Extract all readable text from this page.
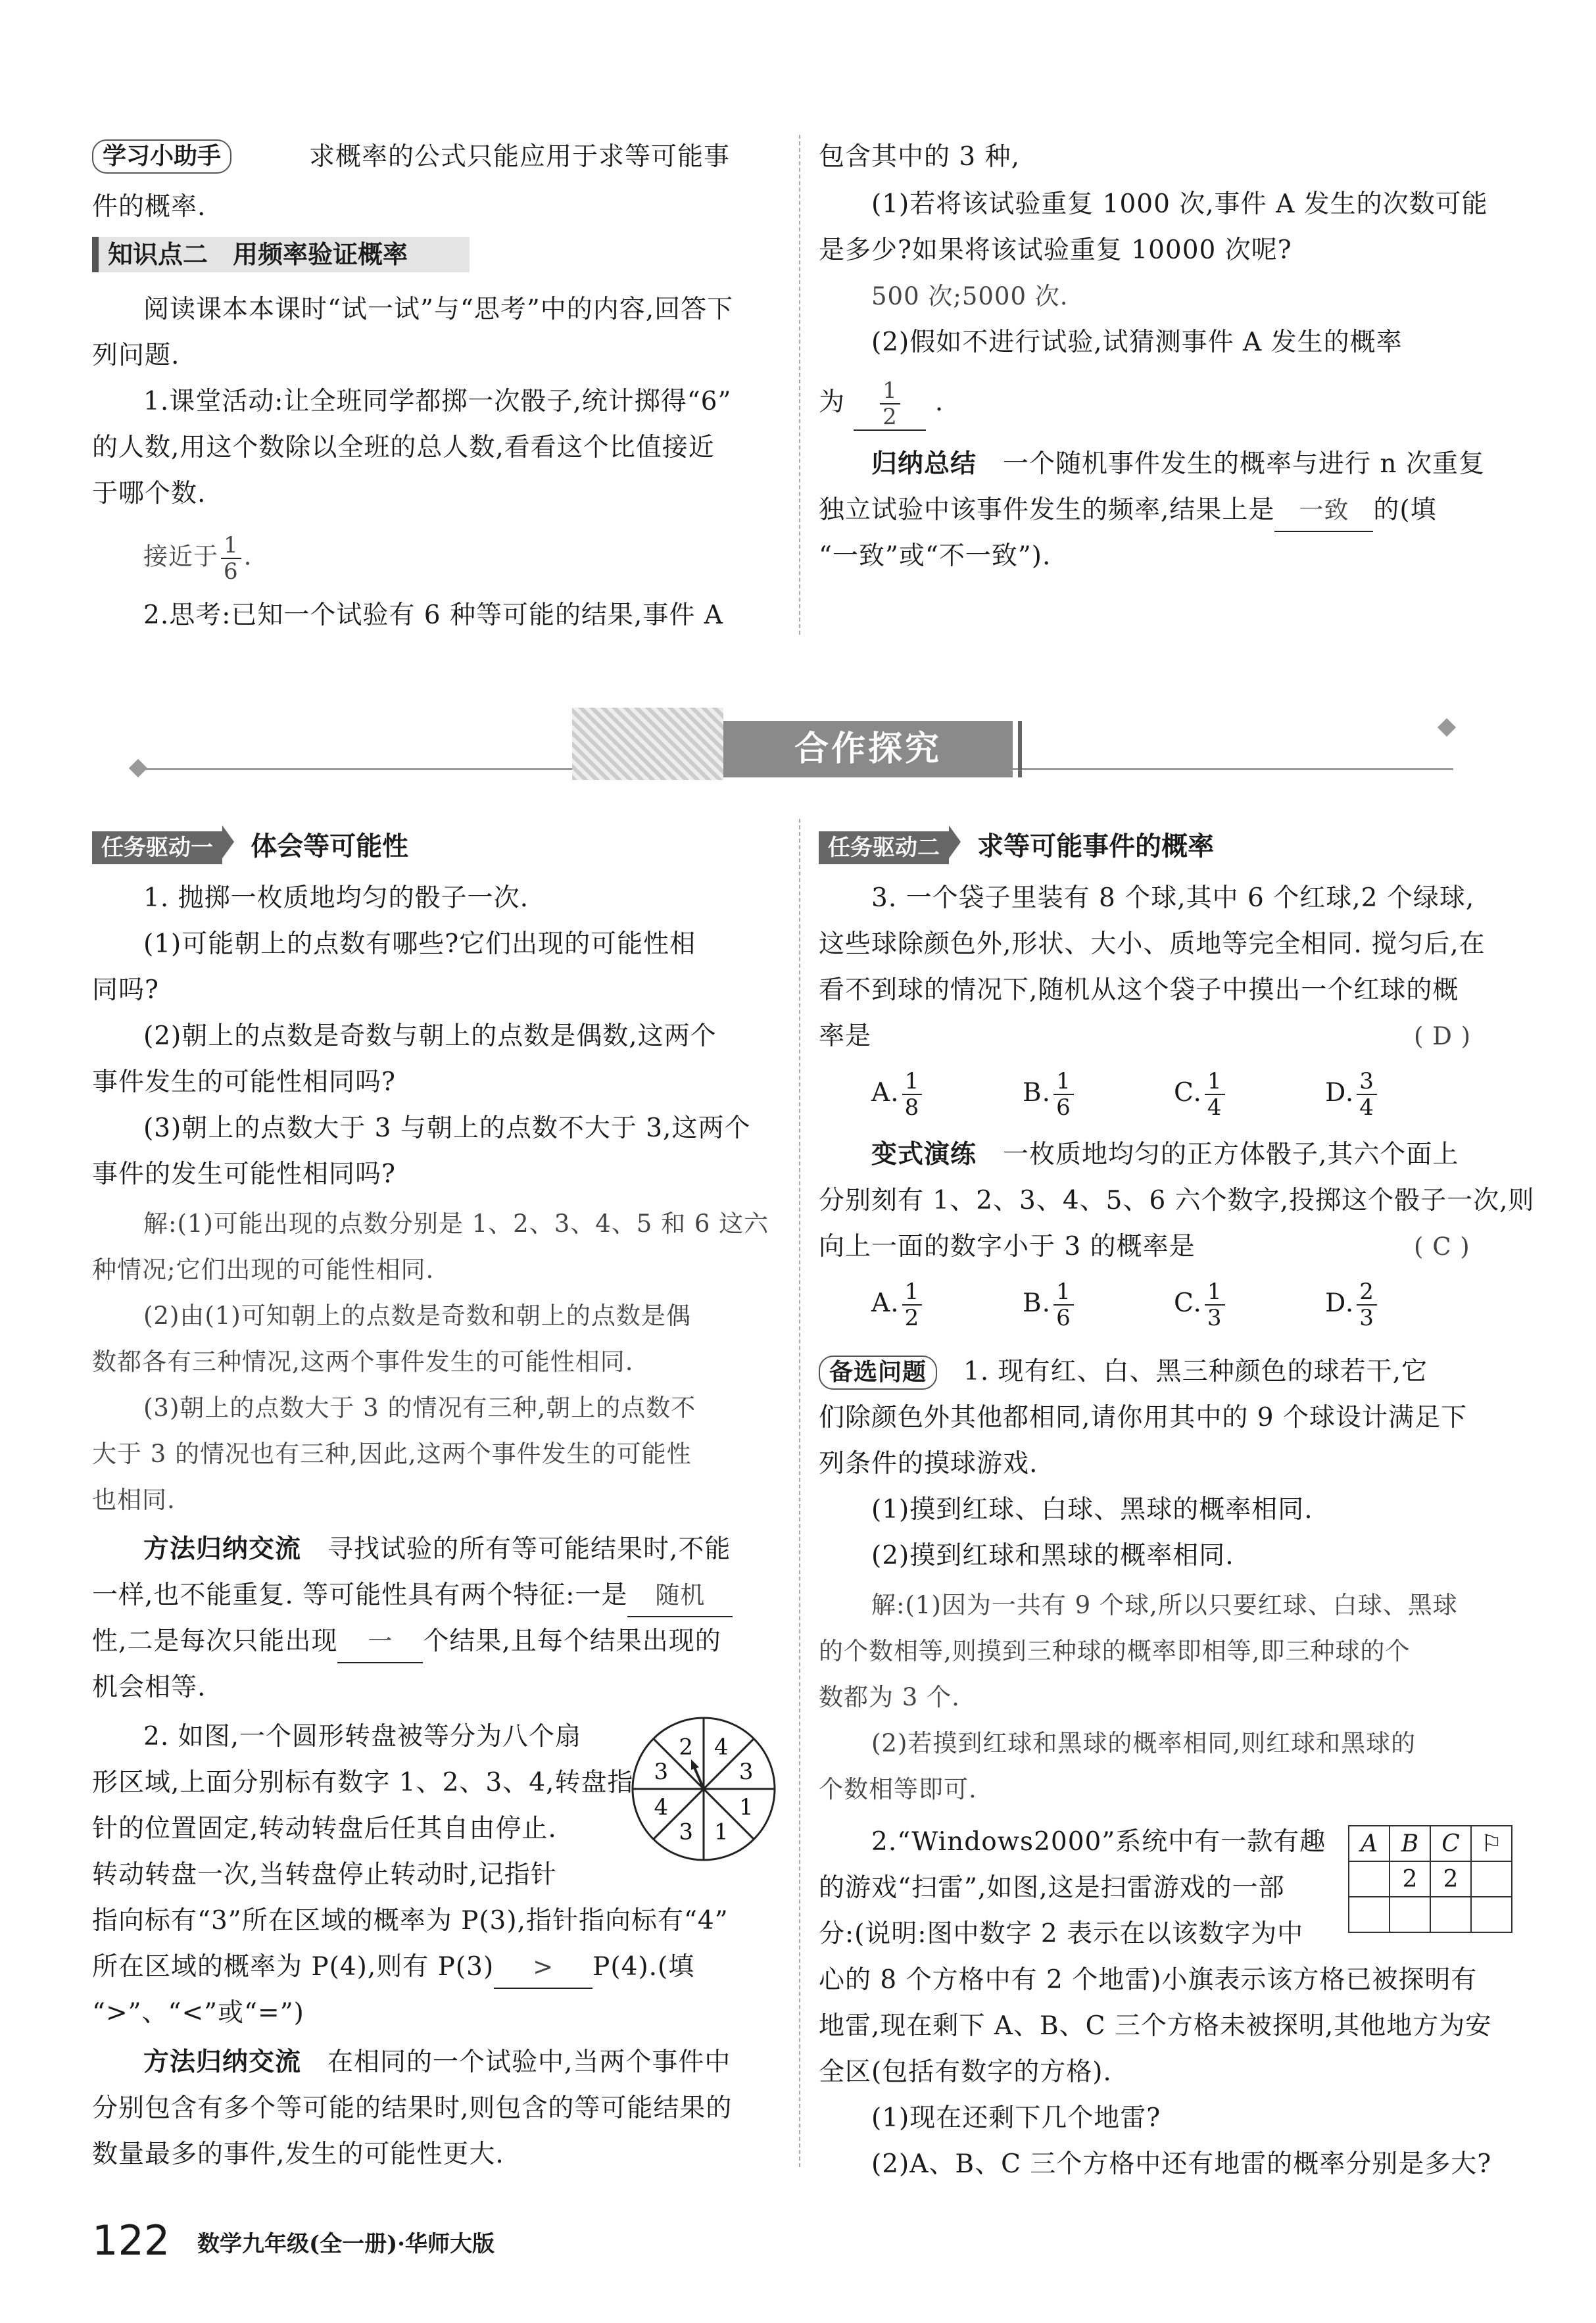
学习小助手	求概率的公式只能应用于求等可能事
件的概率.
知识点二　用频率验证概率
阅读课本本课时“试一试”与“思考”中的内容,回答下
列问题.
1.课堂活动:让全班同学都掷一次骰子,统计掷得“6”
的人数,用这个数除以全班的总人数,看看这个比值接近
于哪个数.
接近于 $\frac{1}{6}$ .
2.思考:已知一个试验有 6 种等可能的结果,事件 A
包含其中的 3 种,
(1)若将该试验重复 1000 次,事件 A 发生的次数可能
是多少?如果将该试验重复 10000 次呢?
500 次;5000 次.
(2)假如不进行试验,试猜测事件 A 发生的概率
为 $\frac{1}{2}$ .
归纳总结　 一个随机事件发生的概率与进行 n 次重复
独立试验中该事件发生的频率,结果上是 一致 的(填
“一致”或“不一致”).
合作探究
任务驱动一 体会等可能性
1. 抛掷一枚质地均匀的骰子一次.
(1)可能朝上的点数有哪些?它们出现的可能性相
同吗?
(2)朝上的点数是奇数与朝上的点数是偶数,这两个
事件发生的可能性相同吗?
(3)朝上的点数大于 3 与朝上的点数不大于 3,这两个
事件的发生可能性相同吗?
解:(1)可能出现的点数分别是 1、2、3、4、5 和 6 这六
种情况;它们出现的可能性相同.
(2)由(1)可知朝上的点数是奇数和朝上的点数是偶
数都各有三种情况,这两个事件发生的可能性相同.
(3)朝上的点数大于 3 的情况有三种,朝上的点数不
大于 3 的情况也有三种,因此,这两个事件发生的可能性
也相同.
方法归纳交流　 寻找试验的所有等可能结果时,不能
一样,也不能重复. 等可能性具有两个特征:一是 随机
性,二是每次只能出现 一 个结果,且每个结果出现的
机会相等.
2. 如图,一个圆形转盘被等分为八个扇
形区域,上面分别标有数字 1、2、3、4,转盘指
针的位置固定,转动转盘后任其自由停止.
转动转盘一次,当转盘停止转动时,记指针
指向标有“3”所在区域的概率为 P(3),指针指向标有“4”
所在区域的概率为 P(4),则有 P(3) > P(4).(填
“>”、“<”或“=”)
2 4
3
1
1
3
4
3
方法归纳交流　 在相同的一个试验中,当两个事件中
分别包含有多个等可能的结果时,则包含的等可能结果的
数量最多的事件,发生的可能性更大.
任务驱动二 求等可能事件的概率
3. 一个袋子里装有 8 个球,其中 6 个红球,2 个绿球,
这些球除颜色外,形状、大小、质地等完全相同. 搅匀后,在
看不到球的情况下,随机从这个袋子中摸出一个红球的概
率是	( D )
A. $\frac{1}{8}$	B. $\frac{1}{6}$	C. $\frac{1}{4}$	D. $\frac{3}{4}$
变式演练　 一枚质地均匀的正方体骰子,其六个面上
分别刻有 1、2、3、4、5、6 六个数字,投掷这个骰子一次,则
向上一面的数字小于 3 的概率是	( C )
A. $\frac{1}{2}$	B. $\frac{1}{6}$	C. $\frac{1}{3}$	D. $\frac{2}{3}$
备选问题　 1. 现有红、白、黑三种颜色的球若干,它
们除颜色外其他都相同,请你用其中的 9 个球设计满足下
列条件的摸球游戏.
(1)摸到红球、白球、黑球的概率相同.
(2)摸到红球和黑球的概率相同.
解:(1)因为一共有 9 个球,所以只要红球、白球、黑球
的个数相等,则摸到三种球的概率即相等,即三种球的个
数都为 3 个.
(2)若摸到红球和黑球的概率相同,则红球和黑球的
个数相等即可.
2.“Windows2000”系统中有一款有趣
的游戏“扫雷”,如图,这是扫雷游戏的一部
分:(说明:图中数字 2 表示在以该数字为中
心的 8 个方格中有 2 个地雷)小旗表示该方格已被探明有
地雷,现在剩下 A、B、C 三个方格未被探明,其他地方为安
全区(包括有数字的方格).
(1)现在还剩下几个地雷?
(2)A、B、C 三个方格中还有地雷的概率分别是多大?
A	B	C	⚐
	2	2	

122 数学九年级(全一册)·华师大版
